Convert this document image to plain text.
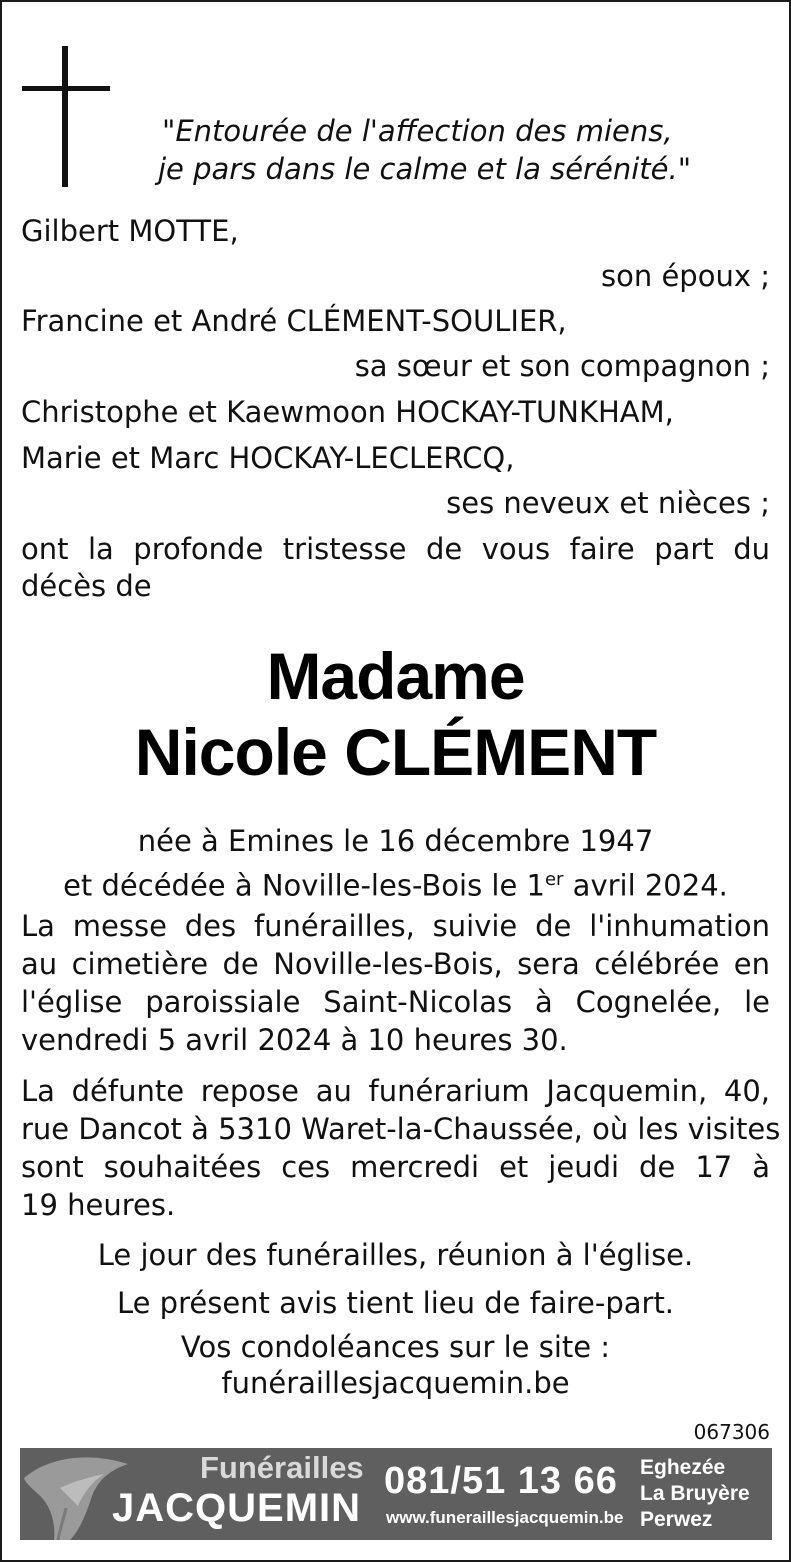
"Entourée de l'affection des miens,
je pars dans le calme et la sérénité."
Gilbert MOTTE,
son époux ;
Francine et André CLÉMENT-SOULIER,
sa sœur et son compagnon ;
Christophe et Kaewmoon HOCKAY-TUNKHAM,
Marie et Marc HOCKAY-LECLERCQ,
ses neveux et nièces ;
ont la profonde tristesse de vous faire part du
décès de
Madame
Nicole CLÉMENT
née à Emines le 16 décembre 1947
et décédée à Noville-les-Bois le 1er avril 2024.
La messe des funérailles, suivie de l'inhumation
au cimetière de Noville-les-Bois, sera célébrée en
l'église paroissiale Saint-Nicolas à Cognelée, le
vendredi 5 avril 2024 à 10 heures 30.
La défunte repose au funérarium Jacquemin, 40,
rue Dancot à 5310 Waret-la-Chaussée, où les visites
sont souhaitées ces mercredi et jeudi de 17 à
19 heures.
Le jour des funérailles, réunion à l'église.
Le présent avis tient lieu de faire-part.
Vos condoléances sur le site :
funéraillesjacquemin.be
067306
Funérailles
JACQUEMIN
081/51 13 66
www.funeraillesjacquemin.be
Eghezée
La Bruyère
Perwez
